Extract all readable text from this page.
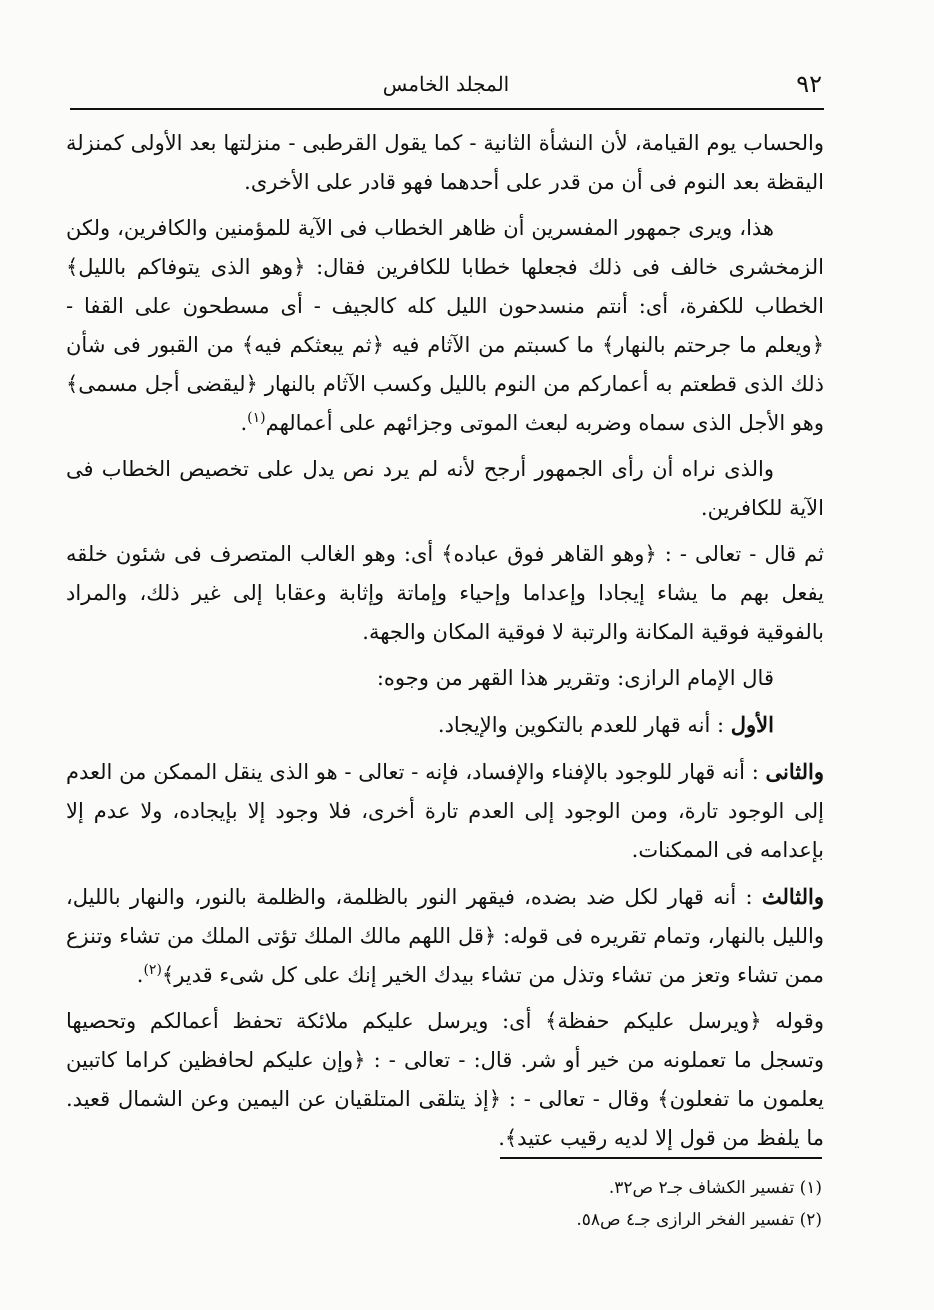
٩٢
المجلد الخامس

والحساب يوم القيامة، لأن النشأة الثانية - كما يقول القرطبى - منزلتها بعد الأولى كمنزلة اليقظة بعد النوم فى أن من قدر على أحدهما فهو قادر على الأخرى.

هذا، ويرى جمهور المفسرين أن ظاهر الخطاب فى الآية للمؤمنين والكافرين، ولكن الزمخشرى خالف فى ذلك فجعلها خطابا للكافرين فقال: ﴿وهو الذى يتوفاكم بالليل﴾ الخطاب للكفرة، أى: أنتم منسدحون الليل كله كالجيف - أى مسطحون على القفا - ﴿ويعلم ما جرحتم بالنهار﴾ ما كسبتم من الآثام فيه ﴿ثم يبعثكم فيه﴾ من القبور فى شأن ذلك الذى قطعتم به أعماركم من النوم بالليل وكسب الآثام بالنهار ﴿ليقضى أجل مسمى﴾ وهو الأجل الذى سماه وضربه لبعث الموتى وجزائهم على أعمالهم$^{(١)}$.

والذى نراه أن رأى الجمهور أرجح لأنه لم يرد نص يدل على تخصيص الخطاب فى الآية للكافرين.

ثم قال - تعالى - : ﴿وهو القاهر فوق عباده﴾ أى: وهو الغالب المتصرف فى شئون خلقه يفعل بهم ما يشاء إيجادا وإعداما وإحياء وإماتة وإثابة وعقابا إلى غير ذلك، والمراد بالفوقية فوقية المكانة والرتبة لا فوقية المكان والجهة.

قال الإمام الرازى: وتقرير هذا القهر من وجوه:

الأول : أنه قهار للعدم بالتكوين والإيجاد.

والثانى : أنه قهار للوجود بالإفناء والإفساد، فإنه - تعالى - هو الذى ينقل الممكن من العدم إلى الوجود تارة، ومن الوجود إلى العدم تارة أخرى، فلا وجود إلا بإيجاده، ولا عدم إلا بإعدامه فى الممكنات.

والثالث : أنه قهار لكل ضد بضده، فيقهر النور بالظلمة، والظلمة بالنور، والنهار بالليل، والليل بالنهار، وتمام تقريره فى قوله: ﴿قل اللهم مالك الملك تؤتى الملك من تشاء وتنزع ممن تشاء وتعز من تشاء وتذل من تشاء بيدك الخير إنك على كل شىء قدير﴾$^{(٢)}$.

وقوله ﴿ويرسل عليكم حفظة﴾ أى: ويرسل عليكم ملائكة تحفظ أعمالكم وتحصيها وتسجل ما تعملونه من خير أو شر. قال: - تعالى - : ﴿وإن عليكم لحافظين كراما كاتبين يعلمون ما تفعلون﴾ وقال - تعالى - : ﴿إذ يتلقى المتلقيان عن اليمين وعن الشمال قعيد. ما يلفظ من قول إلا لديه رقيب عتيد﴾.

(١) تفسير الكشاف جـ٢ ص٣٢.
(٢) تفسير الفخر الرازى جـ٤ ص٥٨.
